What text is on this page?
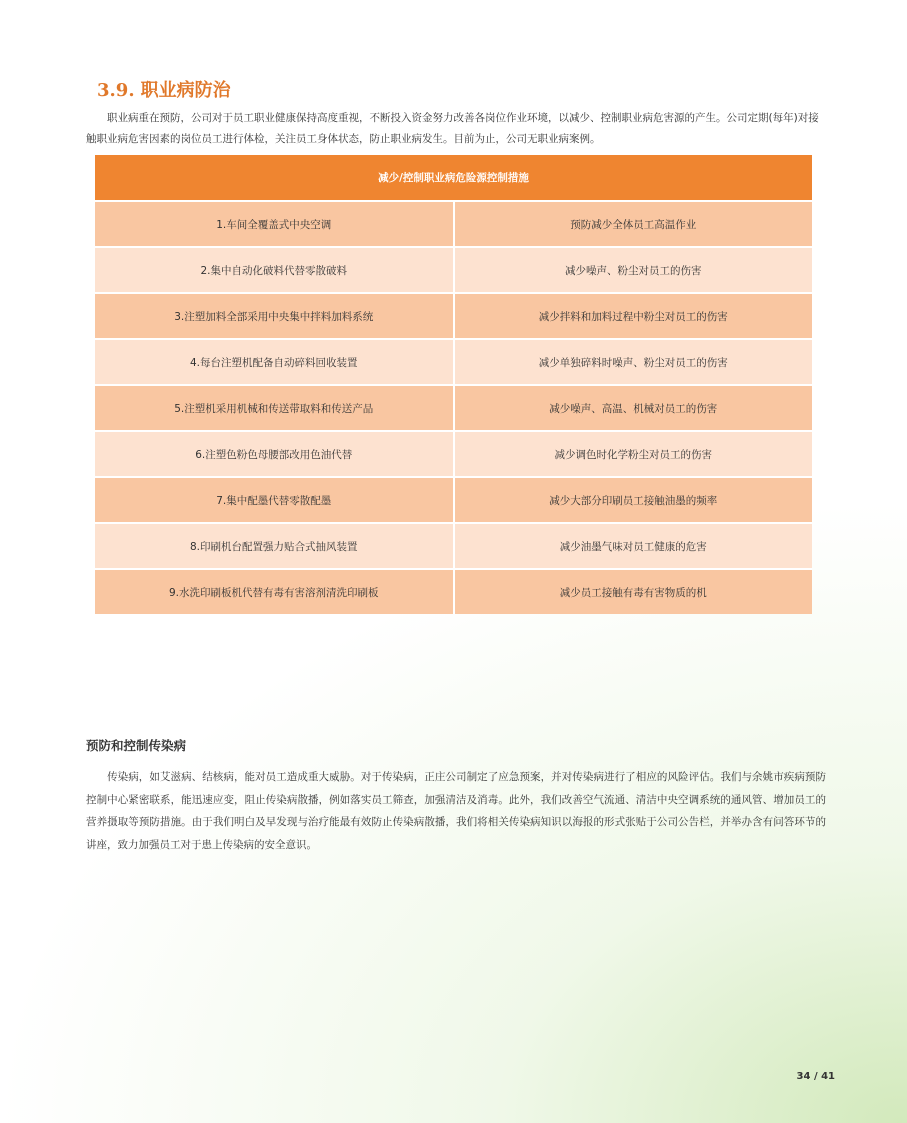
3.9. 职业病防治

职业病重在预防，公司对于员工职业健康保持高度重视，不断投入资金努力改善各岗位作业环境，以减少、控制职业病危害源的产生。公司定期(每年)对接触职业病危害因素的岗位员工进行体检，关注员工身体状态，防止职业病发生。目前为止，公司无职业病案例。

减少/控制职业病危险源控制措施	
1.车间全覆盖式中央空调	预防减少全体员工高温作业
2.集中自动化破料代替零散破料	减少噪声、粉尘对员工的伤害
3.注塑加料全部采用中央集中拌料加料系统	减少拌料和加料过程中粉尘对员工的伤害
4.每台注塑机配备自动碎料回收装置	减少单独碎料时噪声、粉尘对员工的伤害
5.注塑机采用机械和传送带取料和传送产品	减少噪声、高温、机械对员工的伤害
6.注塑色粉色母腰部改用色油代替	减少调色时化学粉尘对员工的伤害
7.集中配墨代替零散配墨	减少大部分印刷员工接触油墨的频率
8.印刷机台配置强力贴合式抽风装置	减少油墨气味对员工健康的危害
9.水洗印刷板机代替有毒有害溶剂清洗印刷板	减少员工接触有毒有害物质的机
预防和控制传染病

传染病，如艾滋病、结核病，能对员工造成重大威胁。对于传染病，正庄公司制定了应急预案，并对传染病进行了相应的风险评估。我们与余姚市疾病预防控制中心紧密联系，能迅速应变，阻止传染病散播，例如落实员工筛查，加强清洁及消毒。此外，我们改善空气流通、清洁中央空调系统的通风管、增加员工的营养摄取等预防措施。由于我们明白及早发现与治疗能最有效防止传染病散播，我们将相关传染病知识以海报的形式张贴于公司公告栏，并举办含有问答环节的讲座，致力加强员工对于患上传染病的安全意识。

34 / 41
